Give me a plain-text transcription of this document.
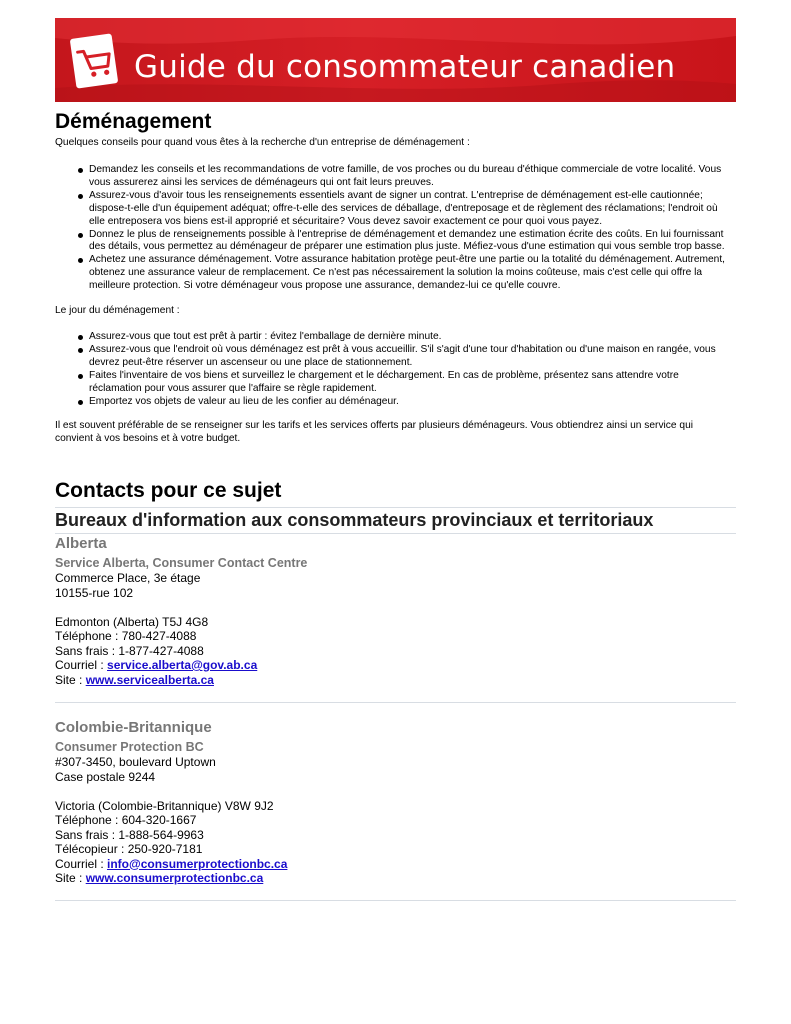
Guide du consommateur canadien
Déménagement

Quelques conseils pour quand vous êtes à la recherche d'un entreprise de déménagement :

Demandez les conseils et les recommandations de votre famille, de vos proches ou du bureau d'éthique commerciale de votre localité. Vous
vous assurerez ainsi les services de déménageurs qui ont fait leurs preuves.
Assurez-vous d'avoir tous les renseignements essentiels avant de signer un contrat. L'entreprise de déménagement est-elle cautionnée;
dispose-t-elle d'un équipement adéquat; offre-t-elle des services de déballage, d'entreposage et de règlement des réclamations; l'endroit où
elle entreposera vos biens est-il approprié et sécuritaire? Vous devez savoir exactement ce pour quoi vous payez.
Donnez le plus de renseignements possible à l'entreprise de déménagement et demandez une estimation écrite des coûts. En lui fournissant
des détails, vous permettez au déménageur de préparer une estimation plus juste. Méfiez-vous d'une estimation qui vous semble trop basse.
Achetez une assurance déménagement. Votre assurance habitation protège peut-être une partie ou la totalité du déménagement. Autrement,
obtenez une assurance valeur de remplacement. Ce n'est pas nécessairement la solution la moins coûteuse, mais c'est celle qui offre la
meilleure protection. Si votre déménageur vous propose une assurance, demandez-lui ce qu'elle couvre.

Le jour du déménagement :

Assurez-vous que tout est prêt à partir : évitez l'emballage de dernière minute.
Assurez-vous que l'endroit où vous déménagez est prêt à vous accueillir. S'il s'agit d'une tour d'habitation ou d'une maison en rangée, vous
devrez peut-être réserver un ascenseur ou une place de stationnement.
Faites l'inventaire de vos biens et surveillez le chargement et le déchargement. En cas de problème, présentez sans attendre votre
réclamation pour vous assurer que l'affaire se règle rapidement.
Emportez vos objets de valeur au lieu de les confier au déménageur.
Il est souvent préférable de se renseigner sur les tarifs et les services offerts par plusieurs déménageurs. Vous obtiendrez ainsi un service qui
convient à vos besoins et à votre budget.
Contacts pour ce sujet
Bureaux d'information aux consommateurs provinciaux et territoriaux
Alberta
Service Alberta, Consumer Contact Centre
Commerce Place, 3e étage
10155-rue 102
Edmonton (Alberta) T5J 4G8
Téléphone : 780-427-4088
Sans frais : 1-877-427-4088
Courriel : service.alberta@gov.ab.ca
Site : www.servicealberta.ca
Colombie-Britannique
Consumer Protection BC
#307-3450, boulevard Uptown
Case postale 9244
Victoria (Colombie-Britannique) V8W 9J2
Téléphone : 604-320-1667
Sans frais : 1-888-564-9963
Télécopieur : 250-920-7181
Courriel : info@consumerprotectionbc.ca
Site : www.consumerprotectionbc.ca
